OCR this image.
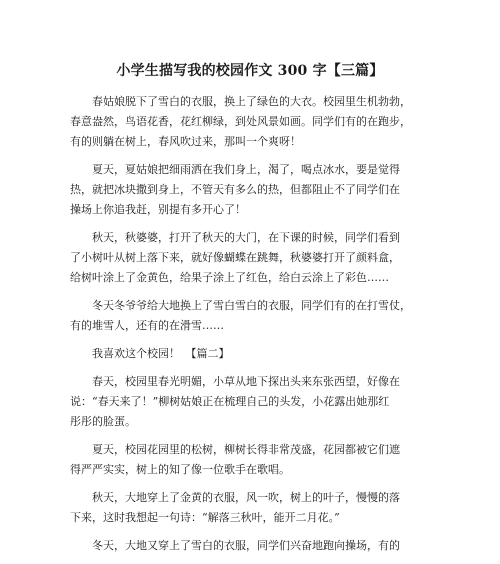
小学生描写我的校园作文 300 字【三篇】

春姑娘脱下了雪白的衣服，换上了绿色的大衣。校园里生机勃勃，
春意盎然，鸟语花香，花红柳绿，到处风景如画。同学们有的在跑步，
有的则躺在树上，春风吹过来，那叫一个爽呀！

夏天，夏姑娘把细雨洒在我们身上，渴了，喝点冰水，要是觉得
热，就把冰块撒到身上，不管天有多么的热，但都阻止不了同学们在
操场上你追我赶，别提有多开心了！

秋天，秋婆婆，打开了秋天的大门，在下课的时候，同学们看到
了小树叶从树上落下来，就好像蝴蝶在跳舞，秋婆婆打开了颜料盒，
给树叶涂上了金黄色，给果子涂上了红色，给白云涂上了彩色……

冬天冬爷爷给大地换上了雪白雪白的衣服，同学们有的在打雪仗，
有的堆雪人，还有的在滑雪……

我喜欢这个校园！　【篇二】

春天，校园里春光明媚，小草从地下探出头来东张西望，好像在
说：“春天来了！”柳树姑娘正在梳理自己的头发，小花露出她那红
彤彤的脸蛋。

夏天，校园花园里的松树，柳树长得非常茂盛，花园都被它们遮
得严严实实，树上的知了像一位歌手在歌唱。

秋天，大地穿上了金黄的衣服，风一吹，树上的叶子，慢慢的落
下来，这时我想起一句诗：“解落三秋叶，能开二月花。”

冬天，大地又穿上了雪白的衣服，同学们兴奋地跑向操场，有的
